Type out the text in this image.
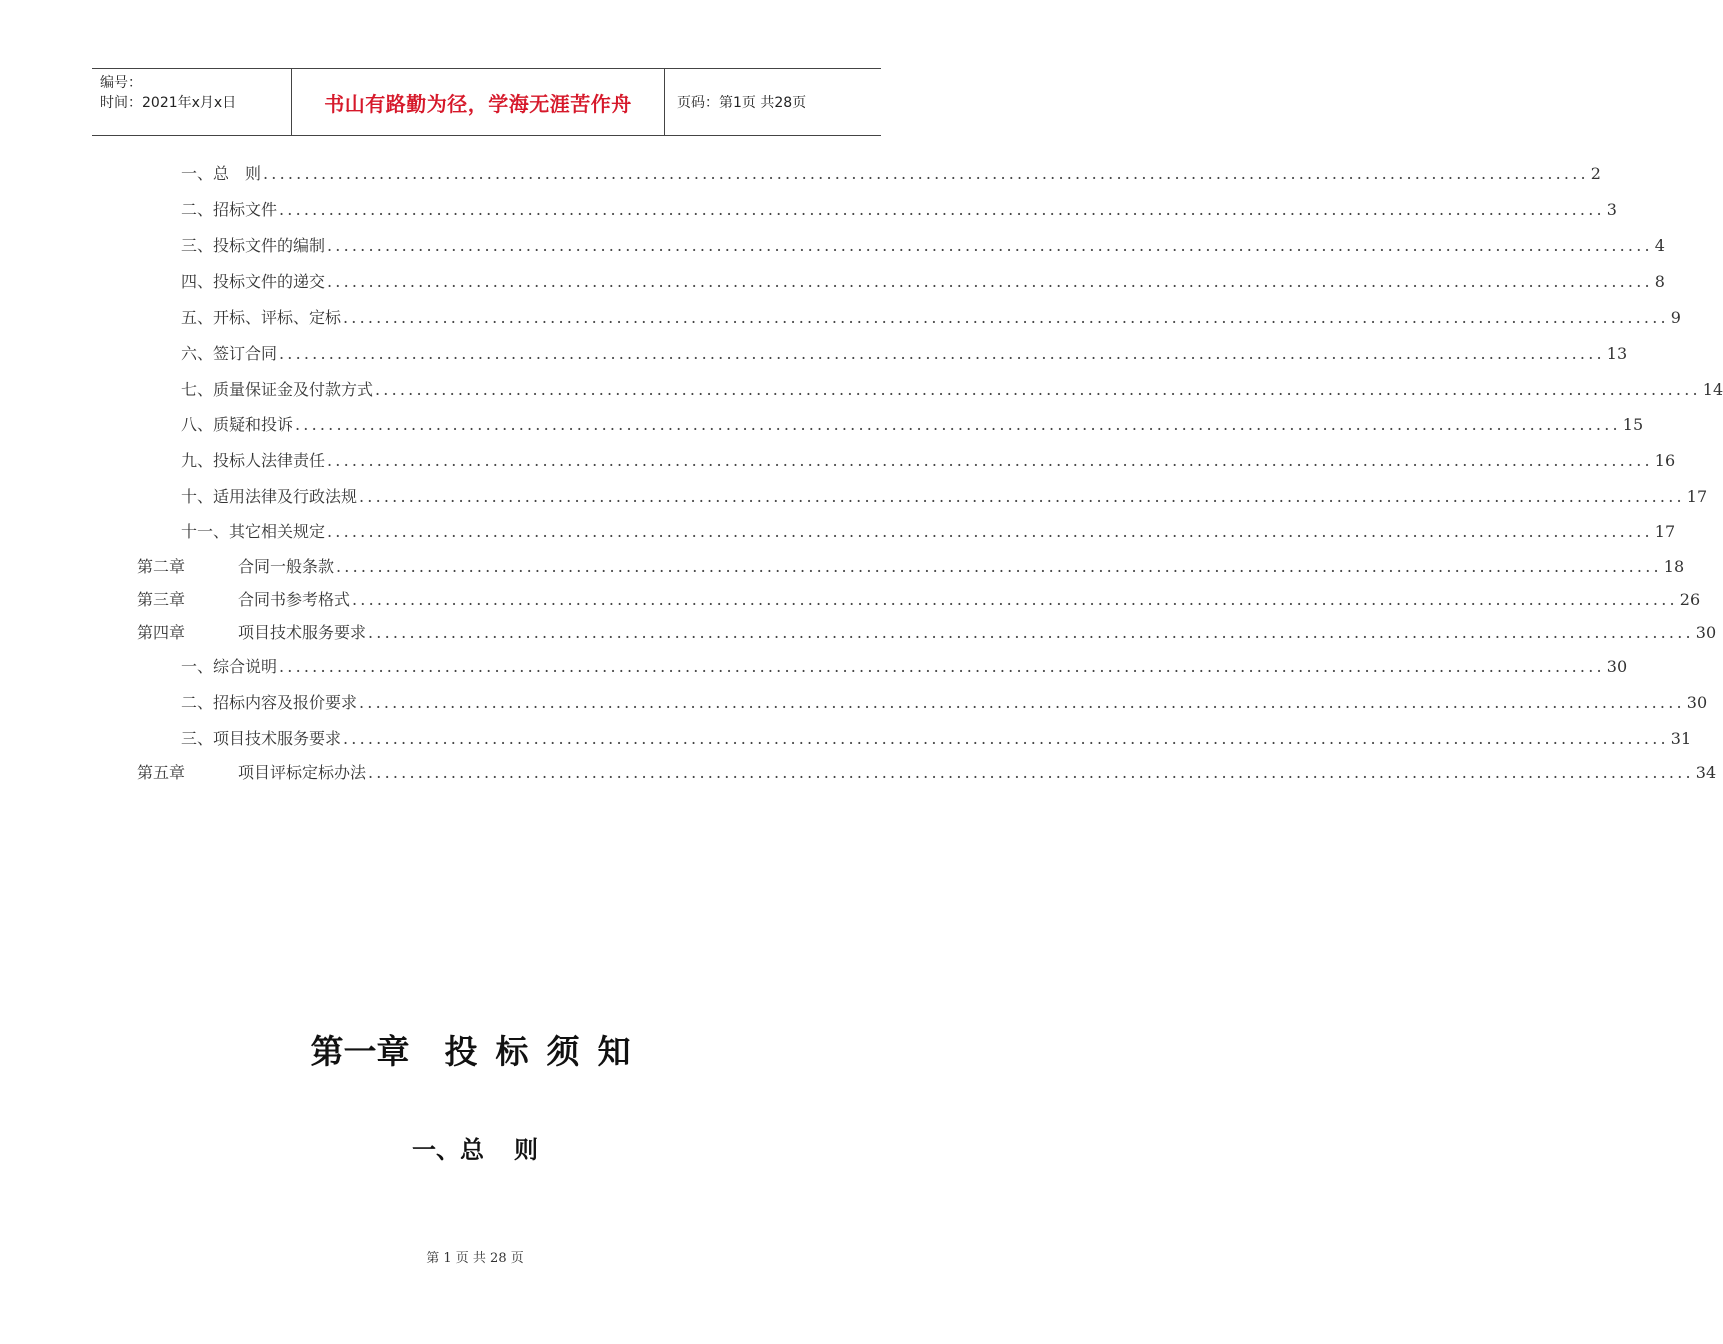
编号：
时间：2021年x月x日	书山有路勤为径，学海无涯苦作舟	页码：第1页 共28页
一、总　则 ................................................................................................................................................................ 2
二、招标文件 ................................................................................................................................................................ 3
三、投标文件的编制 ................................................................................................................................................................ 4
四、投标文件的递交 ................................................................................................................................................................ 8
五、开标、评标、定标 ................................................................................................................................................................ 9
六、签订合同 ................................................................................................................................................................ 13
七、质量保证金及付款方式 ................................................................................................................................................................ 14
八、质疑和投诉 ................................................................................................................................................................ 15
九、投标人法律责任 ................................................................................................................................................................ 16
十、适用法律及行政法规 ................................................................................................................................................................ 17
十一、其它相关规定 ................................................................................................................................................................ 17
第二章	合同一般条款 ................................................................................................................................................................ 18
第三章	合同书参考格式 ................................................................................................................................................................ 26
第四章	项目技术服务要求 ................................................................................................................................................................ 30
一、综合说明 ................................................................................................................................................................ 30
二、招标内容及报价要求 ................................................................................................................................................................ 30
三、项目技术服务要求 ................................................................................................................................................................ 31
第五章	项目评标定标办法 ................................................................................................................................................................ 34
第一章 投 标 须 知
一、总 则
第 1 页 共 28 页
